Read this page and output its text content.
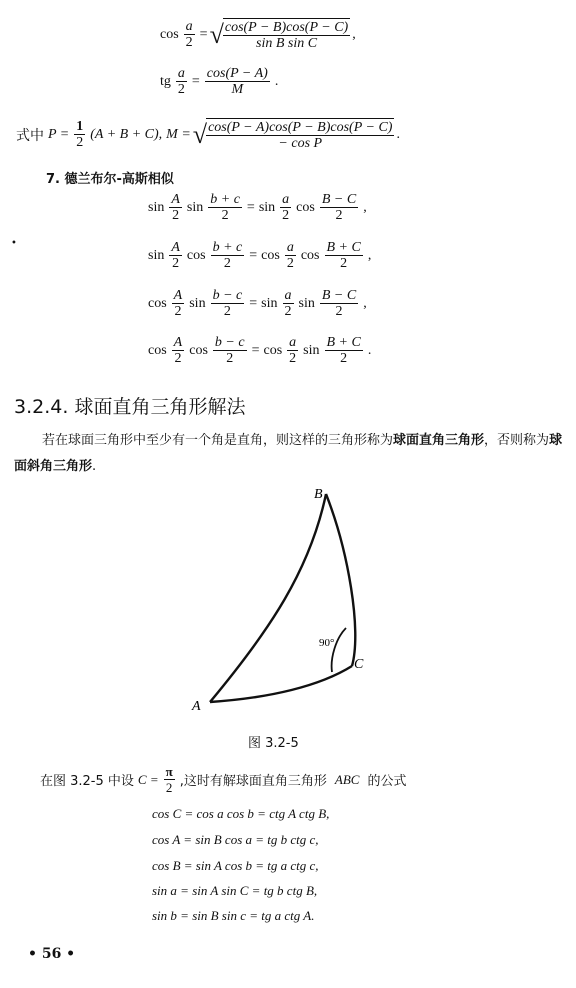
$\cos \frac{a}{2}$ = √ $\frac{\cos(P - B)\cos(P - C)}{\text{sin B sin C}}$ ,
tg $\frac{a}{2} = \frac{\cos(P - A)}{M}$ .
式中 $P = \frac{1}{2} (A + B + C)$, M = √ $\frac{\cos(P - A)\cos(P - B)\cos(P - C)}{\text{− cos P}}$ .
7. 德兰布尔-高斯相似
$\sin \frac{A}{2}$ $\sin \frac{b + c}{2} = \sin \frac{a}{2}$ $\cos \frac{B - C}{2}$ ,
$\sin \frac{A}{2}$ $\cos \frac{b + c}{2} = \cos \frac{a}{2}$ $\cos \frac{B + C}{2}$ ,
$\cos \frac{A}{2}$ $\sin \frac{b - c}{2} = \sin \frac{a}{2}$ $\sin \frac{B - C}{2}$ ,
$\cos \frac{A}{2}$ $\cos \frac{b - c}{2} = \cos \frac{a}{2}$ $\sin \frac{B + C}{2}$ .
•
3.2.4. 球面直角三角形解法
若在球面三角形中至少有一个角是直角，则这样的三角形称为球面直角三角形，否则称为球面斜角三角形.
B
C
A
90°
图 3.2-5
在图 3.2-5 中设 $C = \frac{\pi}{2}$ ,这时有解球面直角三角形 ABC 的公式
cos C = cos a cos b = ctg A ctg B,
cos A = sin B cos a = tg b ctg c,
cos B = sin A cos b = tg a ctg c,
sin a = sin A sin C = tg b ctg B,
sin b = sin B sin c = tg a ctg A.
• 56 •
